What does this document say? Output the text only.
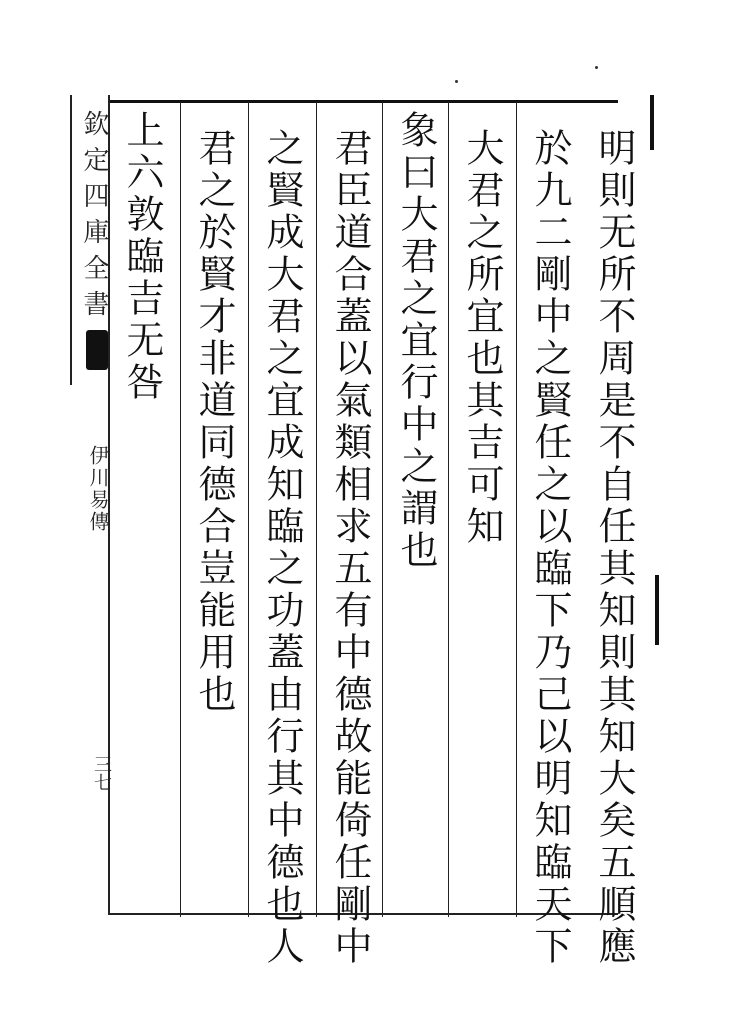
欽定四庫全書
伊川易傳
三七	明則无所不周是不自任其知則其知大矣五順應
於九二剛中之賢任之以臨下乃己以明知臨天下
大君之所宜也其吉可知
象曰大君之宜行中之謂也
君臣道合蓋以氣類相求五有中德故能倚任剛中
之賢成大君之宜成知臨之功蓋由行其中德也人
君之於賢才非道同德合豈能用也
上六敦臨吉无咎
